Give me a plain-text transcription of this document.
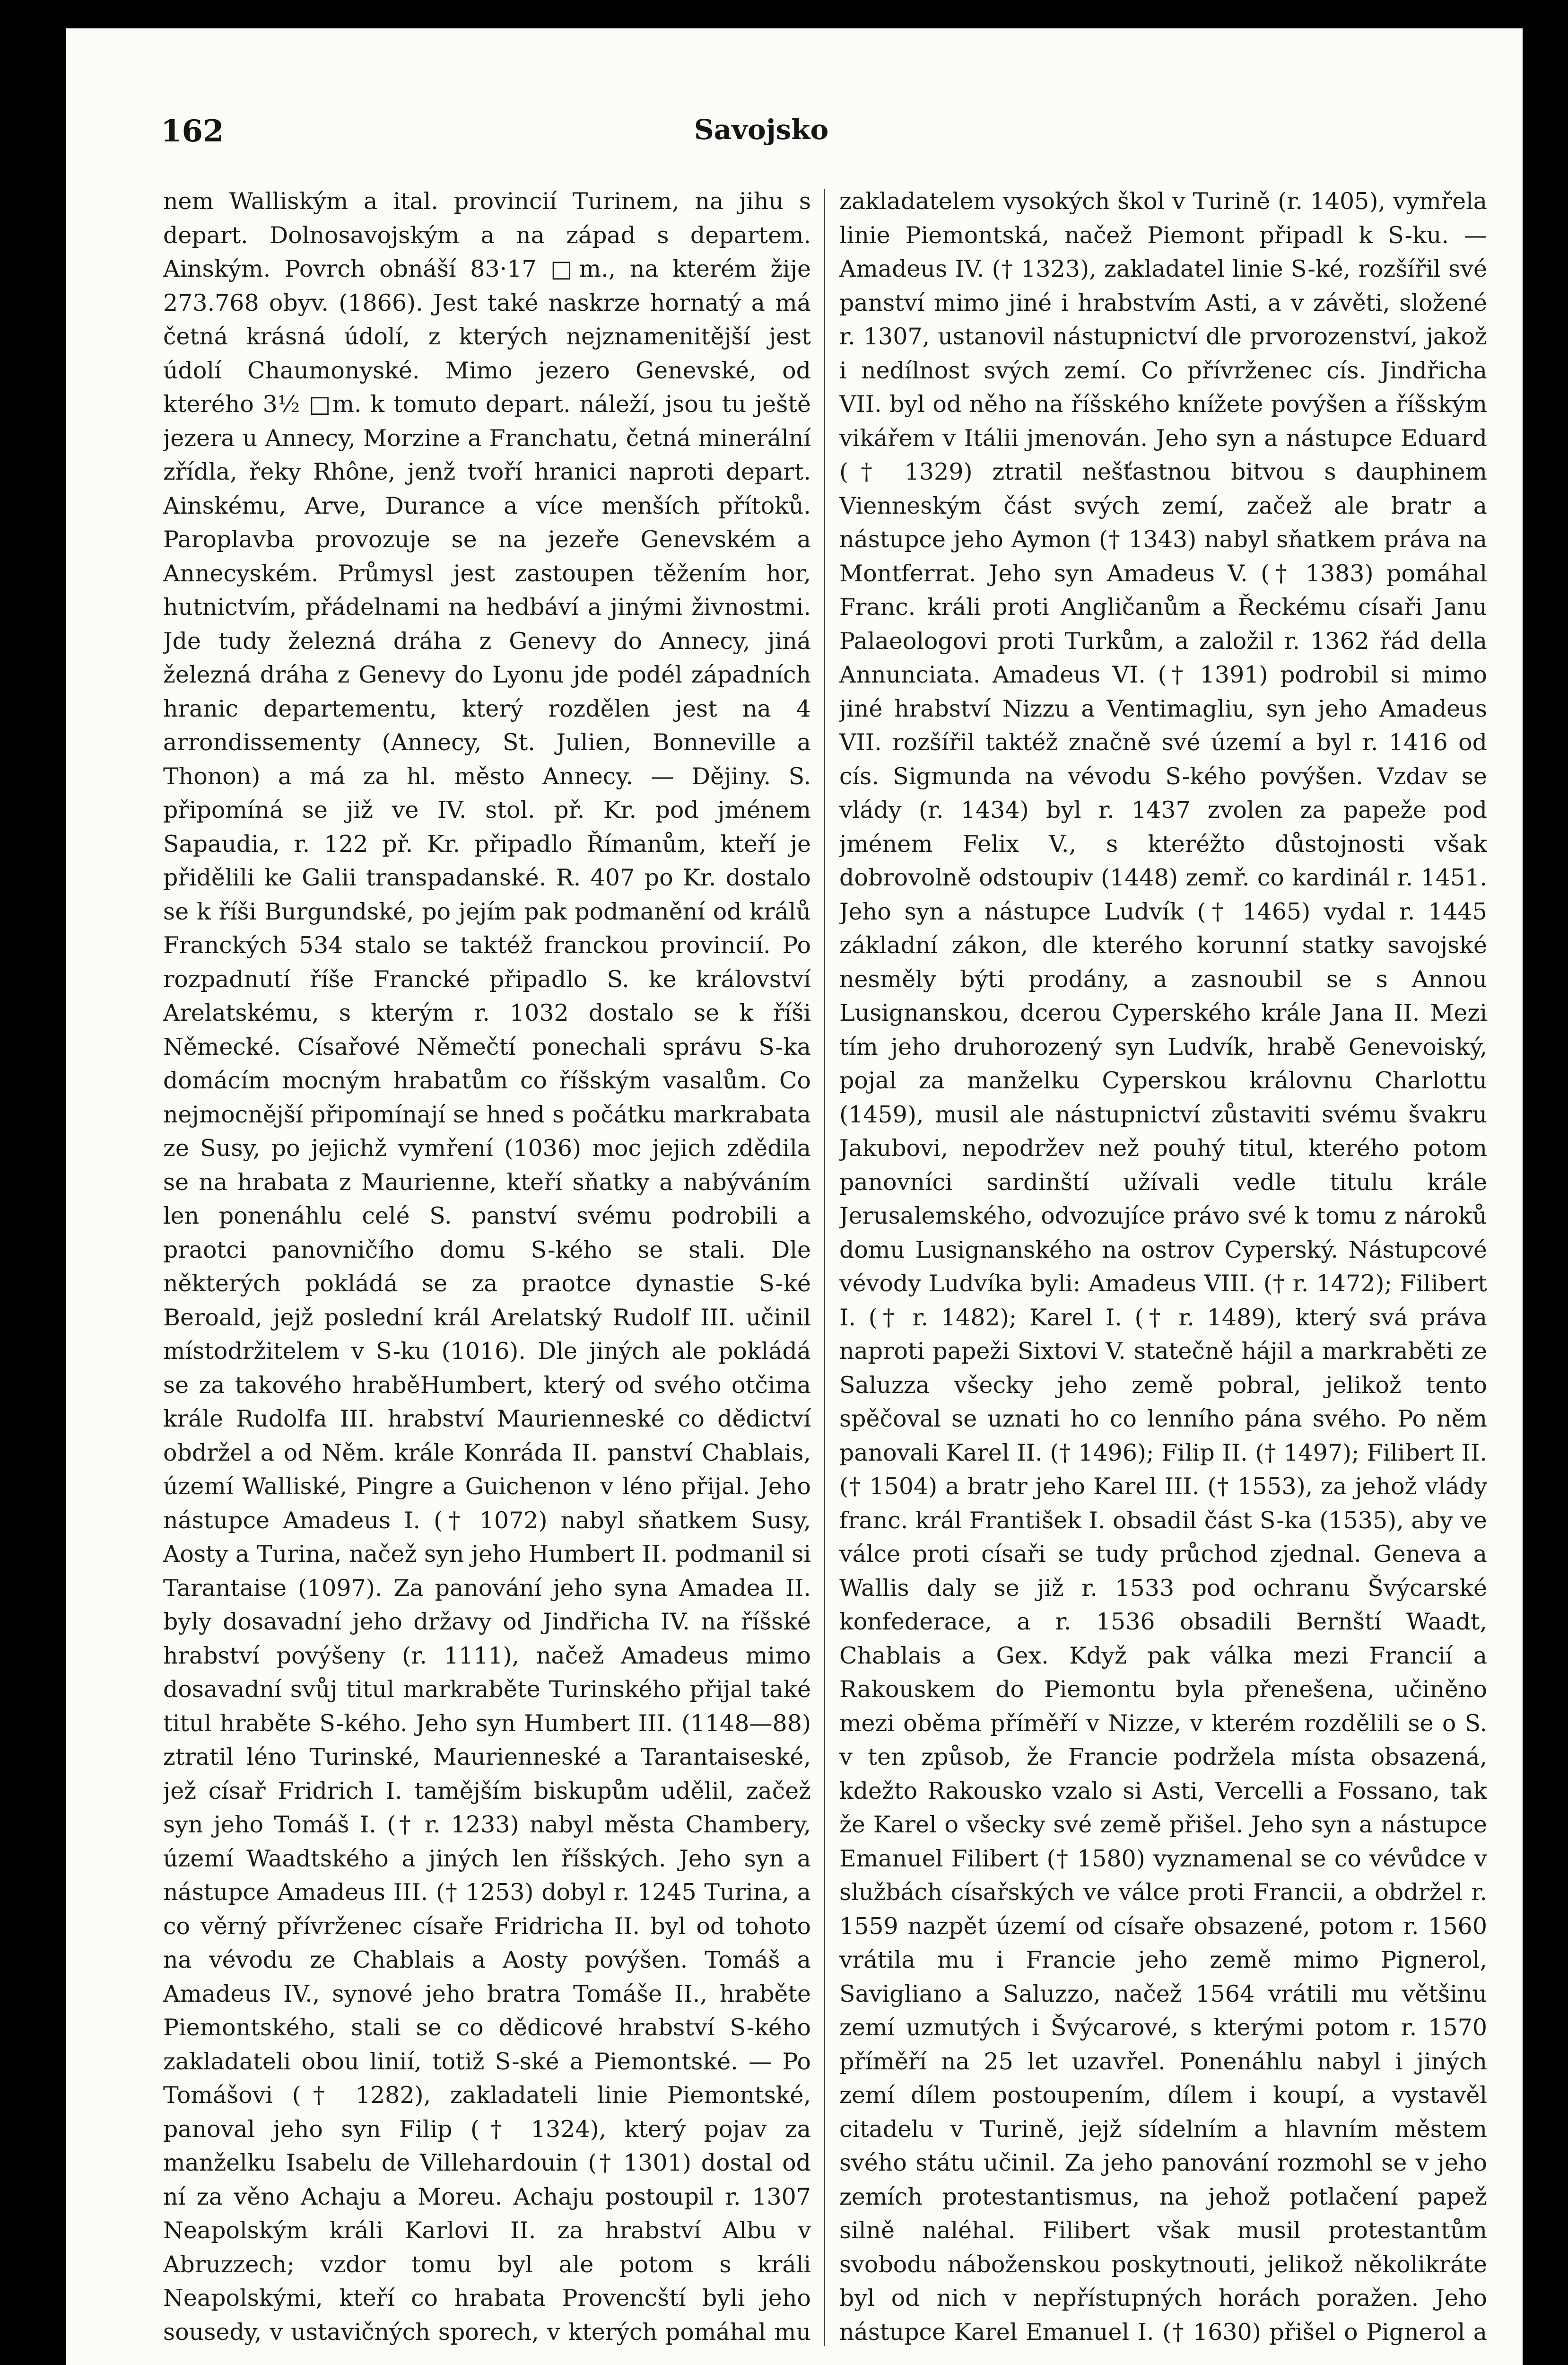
162	Savojsko

nem Walliským a ital. provincií Turinem, na jihu s depart. Dolnosavojským a na západ s departem. Ainským. Povrch obnáší 83·17 □m., na kterém žije 273.768 obyv. (1866). Jest také naskrze hornatý a má četná krásná údolí, z kterých nejznamenitější jest údolí Chaumonyské. Mimo jezero Genevské, od kterého 3½ □m. k tomuto depart. náleží, jsou tu ještě jezera u Annecy, Morzine a Franchatu, četná minerální zřídla, řeky Rhône, jenž tvoří hranici naproti depart. Ainskému, Arve, Durance a více menších přítoků. Paroplavba provozuje se na jezeře Genevském a Annecyském. Průmysl jest zastoupen těžením hor, hutnictvím, přádelnami na hedbáví a jinými živnostmi. Jde tudy železná dráha z Genevy do Annecy, jiná železná dráha z Genevy do Lyonu jde podél západních hranic departementu, který rozdělen jest na 4 arrondissementy (Annecy, St. Julien, Bonneville a Thonon) a má za hl. město Annecy. — Dějiny. S. připomíná se již ve IV. stol. př. Kr. pod jménem Sapaudia, r. 122 př. Kr. připadlo Římanům, kteří je přidělili ke Galii transpadanské. R. 407 po Kr. dostalo se k říši Burgundské, po jejím pak podmanění od králů Franckých 534 stalo se taktéž franckou provincií. Po rozpadnutí říše Francké připadlo S. ke království Arelatskému, s kterým r. 1032 dostalo se k říši Německé. Císařové Němečtí ponechali správu S-ka domácím mocným hrabatům co říšským vasalům. Co nejmocnější připomínají se hned s počátku markrabata ze Susy, po jejichž vymření (1036) moc jejich zdědila se na hrabata z Maurienne, kteří sňatky a nabýváním len ponenáhlu celé S. panství svému podrobili a praotci panovničího domu S-kého se stali. Dle některých pokládá se za praotce dynastie S-ké Beroald, jejž poslední král Arelatský Rudolf III. učinil místodržitelem v S-ku (1016). Dle jiných ale pokládá se za takového hraběHumbert, který od svého otčima krále Rudolfa III. hrabství Maurienneské co dědictví obdržel a od Něm. krále Konráda II. panství Chablais, území Walliské, Pingre a Guichenon v léno přijal. Jeho nástupce Amadeus I. († 1072) nabyl sňatkem Susy, Aosty a Turina, načež syn jeho Humbert II. podmanil si Tarantaise (1097). Za panování jeho syna Amadea II. byly dosavadní jeho državy od Jindřicha IV. na říšské hrabství povýšeny (r. 1111), načež Amadeus mimo dosavadní svůj titul markraběte Turinského přijal také titul hraběte S-kého. Jeho syn Humbert III. (1148—88) ztratil léno Turinské, Maurienneské a Tarantaiseské, jež císař Fridrich I. tamějším biskupům udělil, začež syn jeho Tomáš I. († r. 1233) nabyl města Chambery, území Waadtského a jiných len říšských. Jeho syn a nástupce Amadeus III. († 1253) dobyl r. 1245 Turina, a co věrný přívrženec císaře Fridricha II. byl od tohoto na vévodu ze Chablais a Aosty povýšen. Tomáš a Amadeus IV., synové jeho bratra Tomáše II., hraběte Piemontského, stali se co dědicové hrabství S-kého zakladateli obou linií, totiž S-ské a Piemontské. — Po Tomášovi († 1282), zakladateli linie Piemontské, panoval jeho syn Filip († 1324), který pojav za manželku Isabelu de Villehardouin († 1301) dostal od ní za věno Achaju a Moreu. Achaju postoupil r. 1307 Neapolským králi Karlovi II. za hrabství Albu v Abruzzech; vzdor tomu byl ale potom s králi Neapolskými, kteří co hrabata Provencští byli jeho sousedy, v ustavičných sporech, v kterých pomáhal mu

zakladatelem vysokých škol v Turině (r. 1405), vymřela linie Piemontská, načež Piemont připadl k S-ku. — Amadeus IV. († 1323), zakladatel linie S-ké, rozšířil své panství mimo jiné i hrabstvím Asti, a v závěti, složené r. 1307, ustanovil nástupnictví dle prvorozenství, jakož i nedílnost svých zemí. Co přívrženec cís. Jindřicha VII. byl od něho na říšského knížete povýšen a říšským vikářem v Itálii jmenován. Jeho syn a nástupce Eduard († 1329) ztratil nešťastnou bitvou s dauphinem Vienneským část svých zemí, začež ale bratr a nástupce jeho Aymon († 1343) nabyl sňatkem práva na Montferrat. Jeho syn Amadeus V. († 1383) pomáhal Franc. králi proti Angličanům a Řeckému císaři Janu Palaeologovi proti Turkům, a založil r. 1362 řád della Annunciata. Amadeus VI. († 1391) podrobil si mimo jiné hrabství Nizzu a Ventimagliu, syn jeho Amadeus VII. rozšířil taktéž značně své území a byl r. 1416 od cís. Sigmunda na vévodu S-kého povýšen. Vzdav se vlády (r. 1434) byl r. 1437 zvolen za papeže pod jménem Felix V., s kteréžto důstojnosti však dobrovolně odstoupiv (1448) zemř. co kardinál r. 1451. Jeho syn a nástupce Ludvík († 1465) vydal r. 1445 základní zákon, dle kterého korunní statky savojské nesměly býti prodány, a zasnoubil se s Annou Lusignanskou, dcerou Cyperského krále Jana II. Mezi tím jeho druhorozený syn Ludvík, hrabě Genevoiský, pojal za manželku Cyperskou královnu Charlottu (1459), musil ale nástupnictví zůstaviti svému švakru Jakubovi, nepodržev než pouhý titul, kterého potom panovníci sardinští užívali vedle titulu krále Jerusalemského, odvozujíce právo své k tomu z nároků domu Lusignanského na ostrov Cyperský. Nástupcové vévody Ludvíka byli: Amadeus VIII. († r. 1472); Filibert I. († r. 1482); Karel I. († r. 1489), který svá práva naproti papeži Sixtovi V. statečně hájil a markraběti ze Saluzza všecky jeho země pobral, jelikož tento spěčoval se uznati ho co lenního pána svého. Po něm panovali Karel II. († 1496); Filip II. († 1497); Filibert II. († 1504) a bratr jeho Karel III. († 1553), za jehož vlády franc. král František I. obsadil část S-ka (1535), aby ve válce proti císaři se tudy průchod zjednal. Geneva a Wallis daly se již r. 1533 pod ochranu Švýcarské konfederace, a r. 1536 obsadili Bernští Waadt, Chablais a Gex. Když pak válka mezi Francií a Rakouskem do Piemontu byla přenešena, učiněno mezi oběma příměří v Nizze, v kterém rozdělili se o S. v ten způsob, že Francie podržela místa obsazená, kdežto Rakousko vzalo si Asti, Vercelli a Fossano, tak že Karel o všecky své země přišel. Jeho syn a nástupce Emanuel Filibert († 1580) vyznamenal se co vévůdce v službách císařských ve válce proti Francii, a obdržel r. 1559 nazpět území od císaře obsazené, potom r. 1560 vrátila mu i Francie jeho země mimo Pignerol, Savigliano a Saluzzo, načež 1564 vrátili mu většinu zemí uzmutých i Švýcarové, s kterými potom r. 1570 příměří na 25 let uzavřel. Ponenáhlu nabyl i jiných zemí dílem postoupením, dílem i koupí, a vystavěl citadelu v Turině, jejž sídelním a hlavním městem svého státu učinil. Za jeho panování rozmohl se v jeho zemích protestantismus, na jehož potlačení papež silně naléhal. Filibert však musil protestantům svobodu náboženskou poskytnouti, jelikož několikráte byl od nich v nepřístupných horách poražen. Jeho nástupce Karel Emanuel I. († 1630) přišel o Pignerol a
